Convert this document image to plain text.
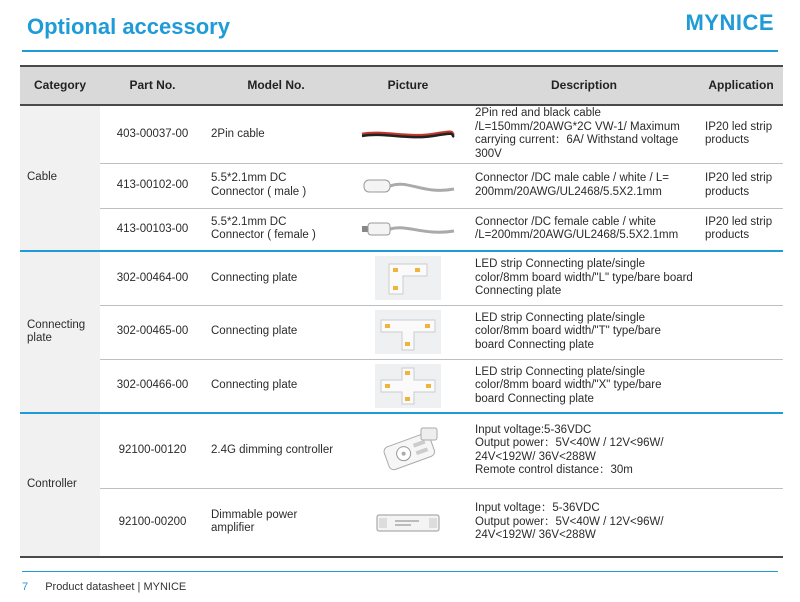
Optional accessory	MYNICE
Category	Part No.	Model No.	Picture	Description	Application
Cable	403-00037-00	2Pin cable		2Pin red and black cable /L=150mm/20AWG*2C VW-1/ Maximum carrying current：6A/ Withstand voltage 300V	IP20 led strip products
	413-00102-00	5.5*2.1mm DC Connector ( male )		Connector /DC male cable / white / L= 200mm/20AWG/UL2468/5.5X2.1mm	IP20 led strip products
	413-00103-00	5.5*2.1mm DC Connector ( female )		Connector /DC female cable / white /L=200mm/20AWG/UL2468/5.5X2.1mm	IP20 led strip products
Connecting plate	302-00464-00	Connecting plate		LED strip Connecting plate/single color/8mm board width/"L" type/bare board Connecting plate	
	302-00465-00	Connecting plate		LED strip Connecting plate/single color/8mm board width/"T" type/bare board Connecting plate	
	302-00466-00	Connecting plate		LED strip Connecting plate/single color/8mm board width/"X" type/bare board Connecting plate	
Controller	92100-00120	2.4G dimming controller		Input voltage:5-36VDC
Output power：5V<40W / 12V<96W/ 24V<192W/ 36V<288W
Remote control distance：30m	
	92100-00200	Dimmable power amplifier		Input voltage：5-36VDC
Output power：5V<40W / 12V<96W/ 24V<192W/ 36V<288W	
7 Product datasheet | MYNICE
